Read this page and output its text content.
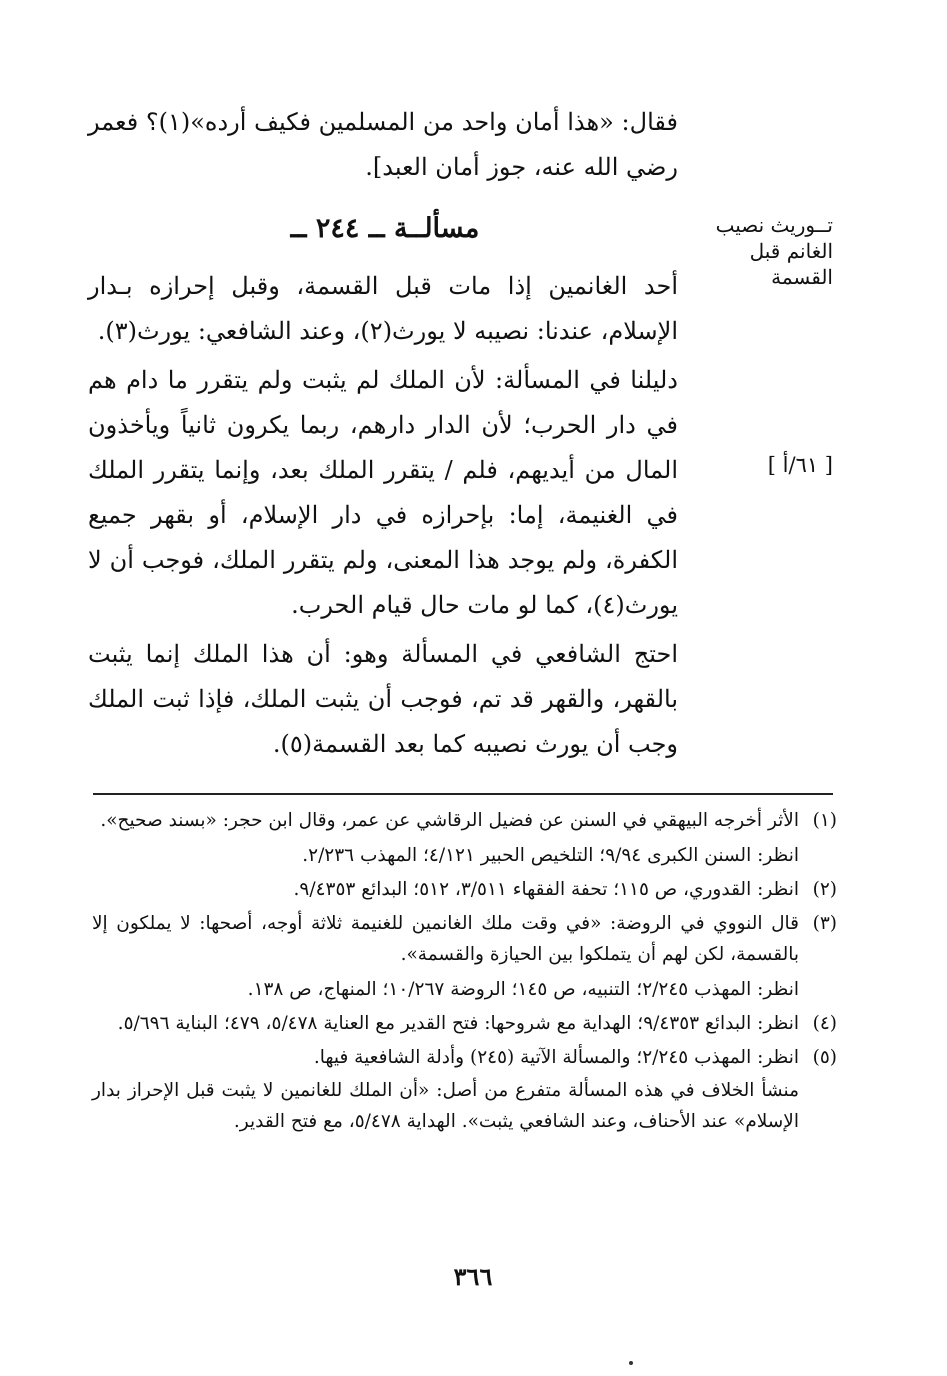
فقال: «هذا أمان واحد من المسلمين فكيف أرده»(١)؟ فعمر رضي الله عنه، جوز أمان العبد].

تــوريث نصيب
الغانم قبل القسمة
مسألــة ــ ٢٤٤ ــ

أحد الغانمين إذا مات قبل القسمة، وقبل إحرازه بـدار الإسلام، عندنا: نصيبه لا يورث(٢)، وعند الشافعي: يورث(٣).

دليلنا في المسألة: لأن الملك لم يثبت ولم يتقرر ما دام هم في دار الحرب؛ لأن الدار دارهم، ربما يكرون ثانياً ويأخذون المال من أيديهم، فلم / يتقرر الملك بعد، وإنما يتقرر الملك في الغنيمة، إما: بإحرازه في دار الإسلام، أو بقهر جميع الكفرة، ولم يوجد هذا المعنى، ولم يتقرر الملك، فوجب أن لا يورث(٤)، كما لو مات حال قيام الحرب.

[ ٦١/أ ]

احتج الشافعي في المسألة وهو: أن هذا الملك إنما يثبت بالقهر، والقهر قد تم، فوجب أن يثبت الملك، فإذا ثبت الملك وجب أن يورث نصيبه كما بعد القسمة(٥).

(١)
الأثر أخرجه البيهقي في السنن عن فضيل الرقاشي عن عمر، وقال ابن حجر: «بسند صحيح».
انظر: السنن الكبرى ٩/٩٤؛ التلخيص الحبير ٤/١٢١؛ المهذب ٢/٢٣٦.
(٢)
انظر: القدوري، ص ١١٥؛ تحفة الفقهاء ٣/٥١١، ٥١٢؛ البدائع ٩/٤٣٥٣.
(٣)
قال النووي في الروضة: «في وقت ملك الغانمين للغنيمة ثلاثة أوجه، أصحها: لا يملكون إلا بالقسمة، لكن لهم أن يتملكوا بين الحيازة والقسمة».
انظر: المهذب ٢/٢٤٥؛ التنبيه، ص ١٤٥؛ الروضة ١٠/٢٦٧؛ المنهاج، ص ١٣٨.
(٤)
انظر: البدائع ٩/٤٣٥٣؛ الهداية مع شروحها: فتح القدير مع العناية ٥/٤٧٨، ٤٧٩؛ البناية ٥/٦٩٦.
(٥)
انظر: المهذب ٢/٢٤٥؛ والمسألة الآتية (٢٤٥) وأدلة الشافعية فيها.
منشأ الخلاف في هذه المسألة متفرع من أصل: «أن الملك للغانمين لا يثبت قبل الإحراز بدار الإسلام» عند الأحناف، وعند الشافعي يثبت». الهداية ٥/٤٧٨، مع فتح القدير.
٣٦٦
